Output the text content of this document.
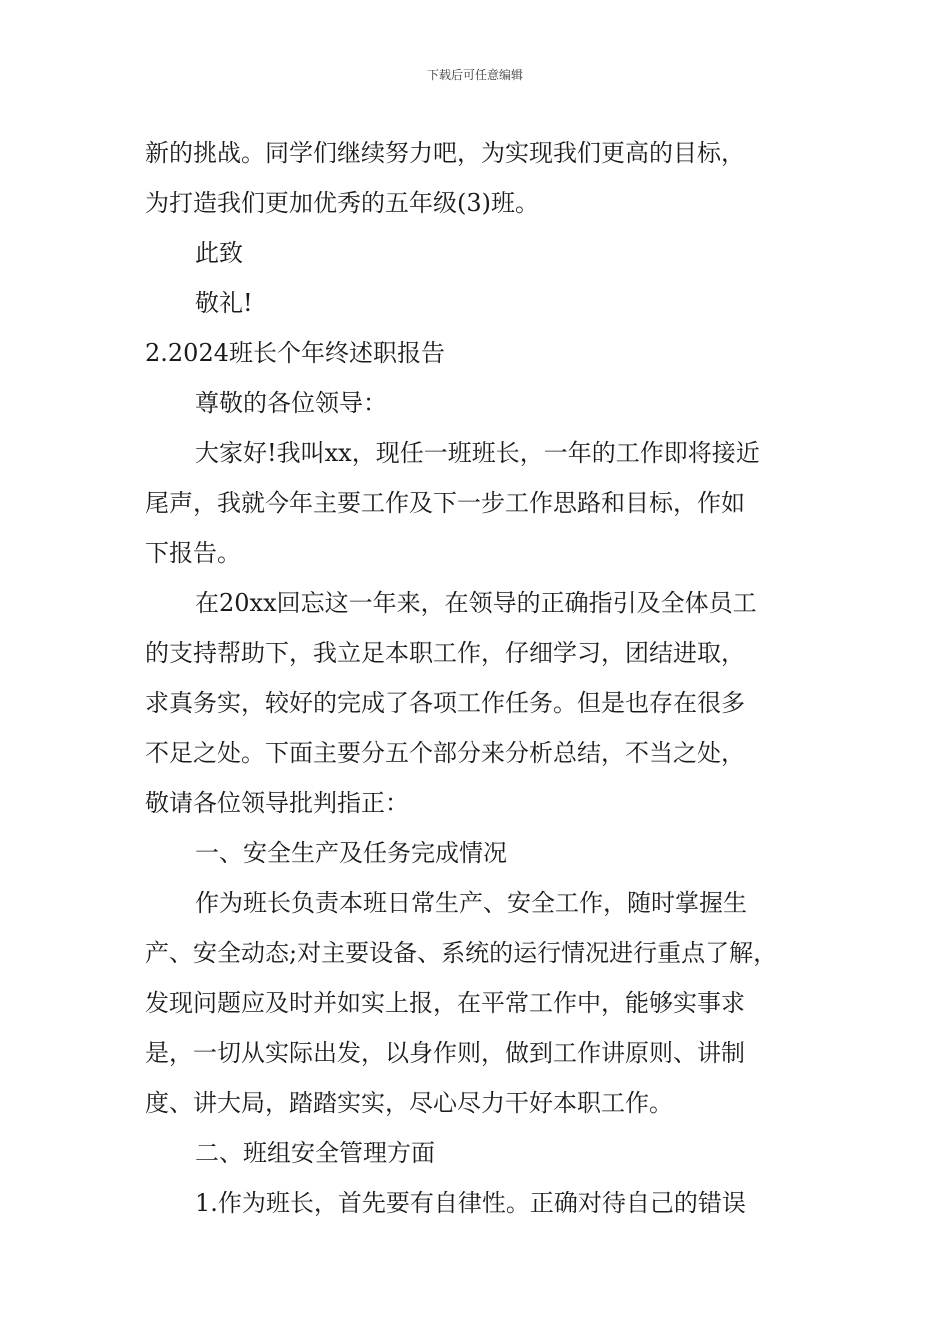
下载后可任意编辑
新的挑战。同学们继续努力吧，为实现我们更高的目标，
为打造我们更加优秀的五年级(3)班。
此致
敬礼!
2.2024班长个年终述职报告
尊敬的各位领导：
大家好!我叫xx，现任一班班长，一年的工作即将接近
尾声，我就今年主要工作及下一步工作思路和目标，作如
下报告。
在20xx回忘这一年来，在领导的正确指引及全体员工
的支持帮助下，我立足本职工作，仔细学习，团结进取，
求真务实，较好的完成了各项工作任务。但是也存在很多
不足之处。下面主要分五个部分来分析总结，不当之处，
敬请各位领导批判指正：
一、安全生产及任务完成情况
作为班长负责本班日常生产、安全工作，随时掌握生
产、安全动态;对主要设备、系统的运行情况进行重点了解，
发现问题应及时并如实上报，在平常工作中，能够实事求
是，一切从实际出发，以身作则，做到工作讲原则、讲制
度、讲大局，踏踏实实，尽心尽力干好本职工作。
二、班组安全管理方面
1.作为班长，首先要有自律性。正确对待自己的错误
